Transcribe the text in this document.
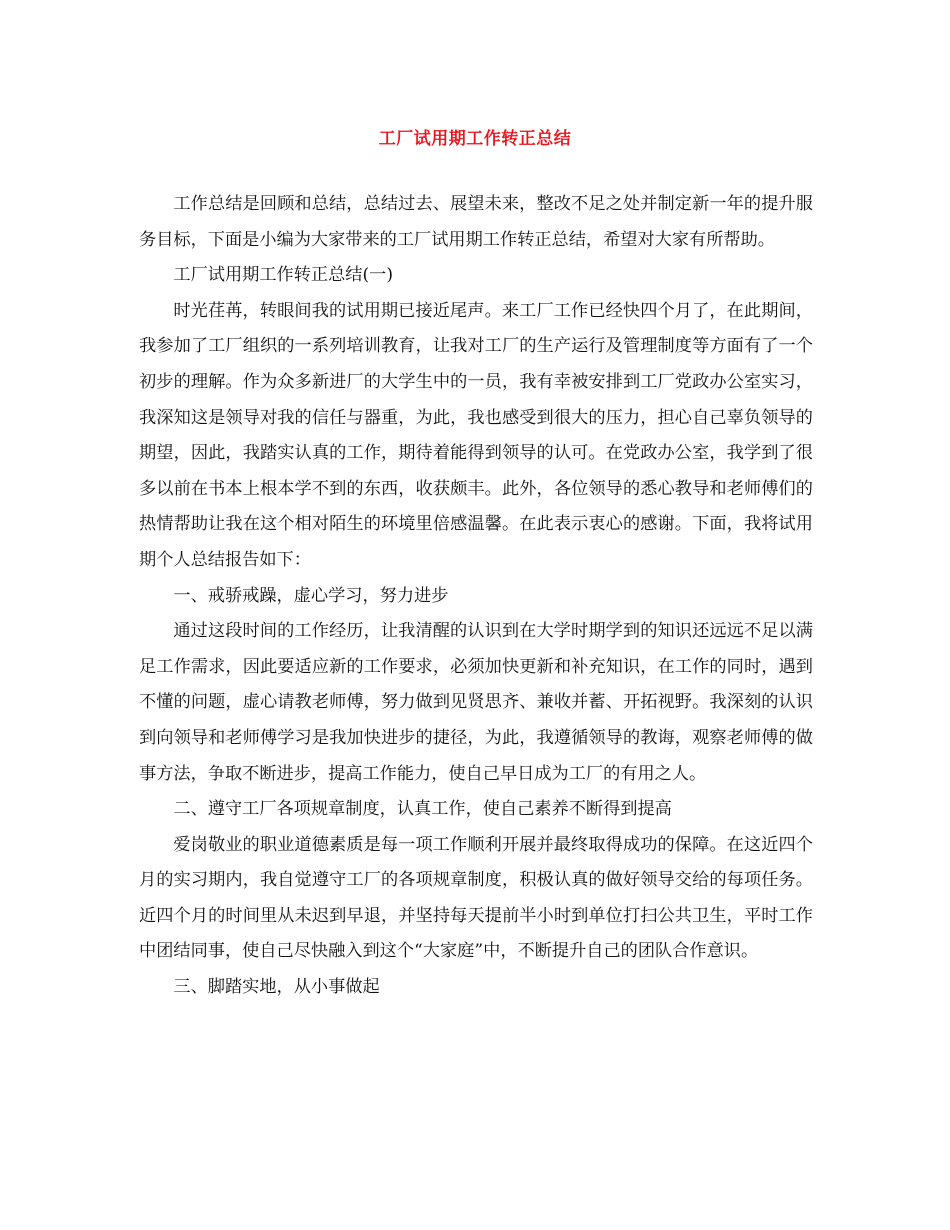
工厂试用期工作转正总结

工作总结是回顾和总结，总结过去、展望未来，整改不足之处并制定新一年的提升服务目标，下面是小编为大家带来的工厂试用期工作转正总结，希望对大家有所帮助。

工厂试用期工作转正总结(一)

时光荏苒，转眼间我的试用期已接近尾声。来工厂工作已经快四个月了，在此期间，我参加了工厂组织的一系列培训教育，让我对工厂的生产运行及管理制度等方面有了一个初步的理解。作为众多新进厂的大学生中的一员，我有幸被安排到工厂党政办公室实习，我深知这是领导对我的信任与器重，为此，我也感受到很大的压力，担心自己辜负领导的期望，因此，我踏实认真的工作，期待着能得到领导的认可。在党政办公室，我学到了很多以前在书本上根本学不到的东西，收获颇丰。此外，各位领导的悉心教导和老师傅们的热情帮助让我在这个相对陌生的环境里倍感温馨。在此表示衷心的感谢。下面，我将试用期个人总结报告如下：

一、戒骄戒躁，虚心学习，努力进步

通过这段时间的工作经历，让我清醒的认识到在大学时期学到的知识还远远不足以满足工作需求，因此要适应新的工作要求，必须加快更新和补充知识，在工作的同时，遇到不懂的问题，虚心请教老师傅，努力做到见贤思齐、兼收并蓄、开拓视野。我深刻的认识到向领导和老师傅学习是我加快进步的捷径，为此，我遵循领导的教诲，观察老师傅的做事方法，争取不断进步，提高工作能力，使自己早日成为工厂的有用之人。

二、遵守工厂各项规章制度，认真工作，使自己素养不断得到提高

爱岗敬业的职业道德素质是每一项工作顺利开展并最终取得成功的保障。在这近四个月的实习期内，我自觉遵守工厂的各项规章制度，积极认真的做好领导交给的每项任务。近四个月的时间里从未迟到早退，并坚持每天提前半小时到单位打扫公共卫生，平时工作中团结同事，使自己尽快融入到这个“大家庭”中，不断提升自己的团队合作意识。

三、脚踏实地，从小事做起
